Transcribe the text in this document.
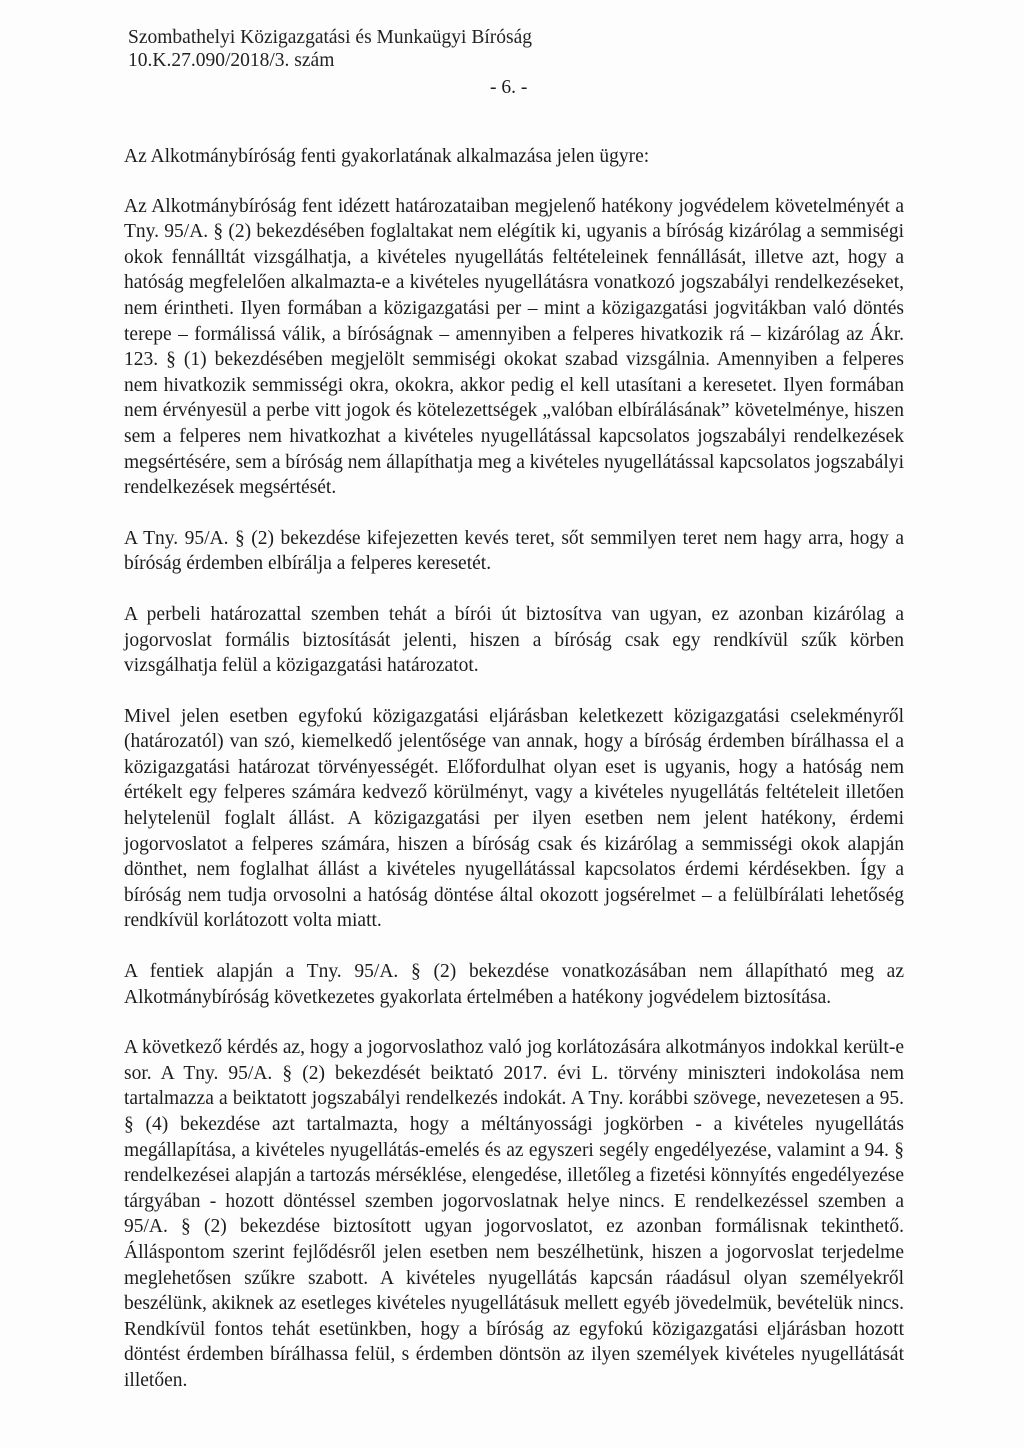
Szombathelyi Közigazgatási és Munkaügyi Bíróság
10.K.27.090/2018/3. szám
- 6. -

Az Alkotmánybíróság fenti gyakorlatának alkalmazása jelen ügyre:

Az Alkotmánybíróság fent idézett határozataiban megjelenő hatékony jogvédelem követelményét a Tny. 95/A. § (2) bekezdésében foglaltakat nem elégítik ki, ugyanis a bíróság kizárólag a semmiségi okok fennálltát vizsgálhatja, a kivételes nyugellátás feltételeinek fennállását, illetve azt, hogy a hatóság megfelelően alkalmazta-e a kivételes nyugellátásra vonatkozó jogszabályi rendelkezéseket, nem érintheti. Ilyen formában a közigazgatási per – mint a közigazgatási jogvitákban való döntés terepe – formálissá válik, a bíróságnak – amennyiben a felperes hivatkozik rá – kizárólag az Ákr. 123. § (1) bekezdésében megjelölt semmiségi okokat szabad vizsgálnia. Amennyiben a felperes nem hivatkozik semmisségi okra, okokra, akkor pedig el kell utasítani a keresetet. Ilyen formában nem érvényesül a perbe vitt jogok és kötelezettségek „valóban elbírálásának” követelménye, hiszen sem a felperes nem hivatkozhat a kivételes nyugellátással kapcsolatos jogszabályi rendelkezések megsértésére, sem a bíróság nem állapíthatja meg a kivételes nyugellátással kapcsolatos jogszabályi rendelkezések megsértését.

A Tny. 95/A. § (2) bekezdése kifejezetten kevés teret, sőt semmilyen teret nem hagy arra, hogy a bíróság érdemben elbírálja a felperes keresetét.

A perbeli határozattal szemben tehát a bírói út biztosítva van ugyan, ez azonban kizárólag a jogorvoslat formális biztosítását jelenti, hiszen a bíróság csak egy rendkívül szűk körben vizsgálhatja felül a közigazgatási határozatot.

Mivel jelen esetben egyfokú közigazgatási eljárásban keletkezett közigazgatási cselekményről (határozatól) van szó, kiemelkedő jelentősége van annak, hogy a bíróság érdemben bírálhassa el a közigazgatási határozat törvényességét. Előfordulhat olyan eset is ugyanis, hogy a hatóság nem értékelt egy felperes számára kedvező körülményt, vagy a kivételes nyugellátás feltételeit illetően helytelenül foglalt állást. A közigazgatási per ilyen esetben nem jelent hatékony, érdemi jogorvoslatot a felperes számára, hiszen a bíróság csak és kizárólag a semmisségi okok alapján dönthet, nem foglalhat állást a kivételes nyugellátással kapcsolatos érdemi kérdésekben. Így a bíróság nem tudja orvosolni a hatóság döntése által okozott jogsérelmet – a felülbírálati lehetőség rendkívül korlátozott volta miatt.

A fentiek alapján a Tny. 95/A. § (2) bekezdése vonatkozásában nem állapítható meg az Alkotmánybíróság következetes gyakorlata értelmében a hatékony jogvédelem biztosítása.

A következő kérdés az, hogy a jogorvoslathoz való jog korlátozására alkotmányos indokkal került-e sor. A Tny. 95/A. § (2) bekezdését beiktató 2017. évi L. törvény miniszteri indokolása nem tartalmazza a beiktatott jogszabályi rendelkezés indokát. A Tny. korábbi szövege, nevezetesen a 95. § (4) bekezdése azt tartalmazta, hogy a méltányossági jogkörben - a kivételes nyugellátás megállapítása, a kivételes nyugellátás-emelés és az egyszeri segély engedélyezése, valamint a 94. § rendelkezései alapján a tartozás mérséklése, elengedése, illetőleg a fizetési könnyítés engedélyezése tárgyában - hozott döntéssel szemben jogorvoslatnak helye nincs. E rendelkezéssel szemben a 95/A. § (2) bekezdése biztosított ugyan jogorvoslatot, ez azonban formálisnak tekinthető. Álláspontom szerint fejlődésről jelen esetben nem beszélhetünk, hiszen a jogorvoslat terjedelme meglehetősen szűkre szabott. A kivételes nyugellátás kapcsán ráadásul olyan személyekről beszélünk, akiknek az esetleges kivételes nyugellátásuk mellett egyéb jövedelmük, bevételük nincs. Rendkívül fontos tehát esetünkben, hogy a bíróság az egyfokú közigazgatási eljárásban hozott döntést érdemben bírálhassa felül, s érdemben döntsön az ilyen személyek kivételes nyugellátását illetően.
